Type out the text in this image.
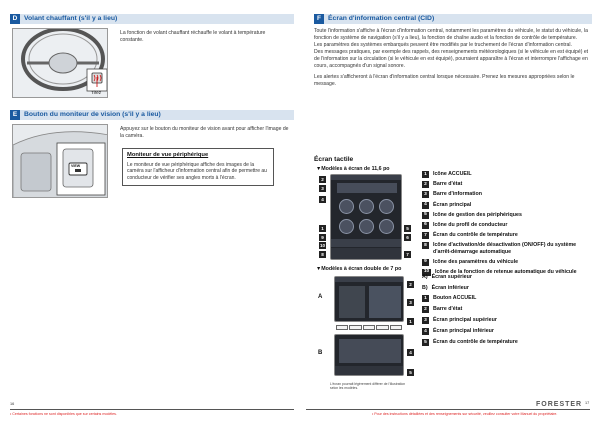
D Volant chauffant (s'il y a lieu)
Tirez
La fonction de volant chauffant réchauffe le volant à température constante.
E	Bouton du moniteur de vision (s'il y a lieu)
VIEW
Appuyez sur le bouton du moniteur de vision avant pour afficher l'image de la caméra.
Moniteur de vue périphérique
Le moniteur de vue périphérique affiche des images de la caméra sur l'afficheur d'information central afin de permettre au conducteur de vérifier ses angles morts à l'écran.
F	Écran d'information central (CID)
Toute l'information s'affiche à l'écran d'information central, notamment les paramètres du véhicule, le statut du véhicule, la fonction de système de navigation (s'il y a lieu), la fonction de chaîne audio et la fonction de contrôle de température.
Les paramètres des systèmes embarqués peuvent être modifiés par le truchement de l'écran d'information central.
Des messages pratiques, par exemple des rappels, des renseignements météorologiques (si le véhicule en est équipé) et de l'information sur la circulation (si le véhicule en est équipé), pourraient apparaître à l'écran et interrompre l'affichage en cours, accompagnés d'un signal sonore.
Les alertes s'afficheront à l'écran d'information central lorsque nécessaire. Prenez les mesures appropriées selon le message.
Écran tactile
▼Modèles à écran de 11,6 po
2
3
4
1
9
10
8
5
6
7
1	Icône ACCUEIL
2	Barre d'état
3	Barre d'information
4	Écran principal
5	Icône de gestion des périphériques
6	Icône du profil de conducteur
7	Écran du contrôle de température
8	Icône d'activation/de désactivation (ON/OFF) du système d'arrêt-démarrage automatique
9	Icône des paramètres du véhicule
10	Icône de la fonction de retenue automatique du véhicule
▼Modèles à écran double de 7 po
A
B
2
3
1
4
5
L'écran pourrait légèrement différer de l'illustration selon les modèles.
A) Écran supérieur
B) Écran inférieur
1	Bouton ACCUEIL
2	Barre d'état
3	Écran principal supérieur
4	Écran principal inférieur
5	Écran du contrôle de température
16
• Certaines fonctions ne sont disponibles que sur certains modèles.
FORESTER 17
• Pour des instructions détaillées et des renseignements sur sécurité, veuillez consulter votre Manuel du propriétaire.
